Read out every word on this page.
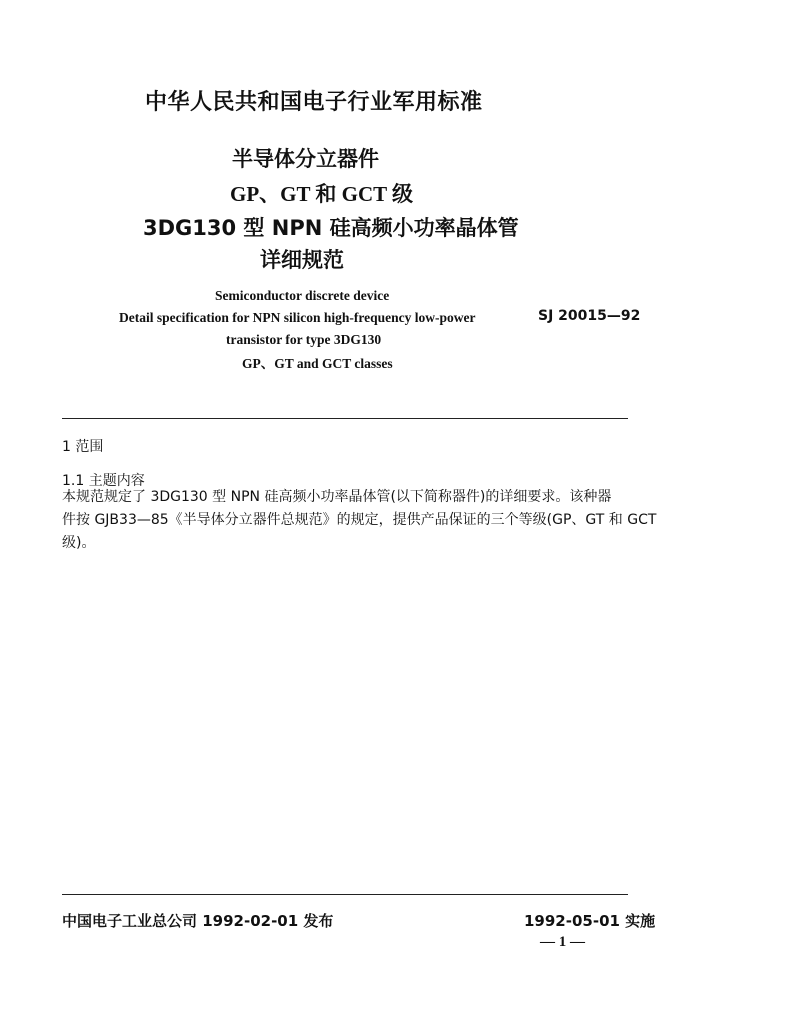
中华人民共和国电子行业军用标准
半导体分立器件
GP、GT 和 GCT 级
3DG130 型 NPN 硅高频小功率晶体管
详细规范
Semiconductor discrete device
Detail specification for NPN silicon high-frequency low-power
transistor for type 3DG130
GP、GT and GCT classes
SJ 20015—92
1 范围
1.1 主题内容
本规范规定了 3DG130 型 NPN 硅高频小功率晶体管(以下简称器件)的详细要求。该种器
件按 GJB33—85《半导体分立器件总规范》的规定，提供产品保证的三个等级(GP、GT 和 GCT
级)。
中国电子工业总公司 1992-02-01 发布	1992-05-01 实施
— 1 —
